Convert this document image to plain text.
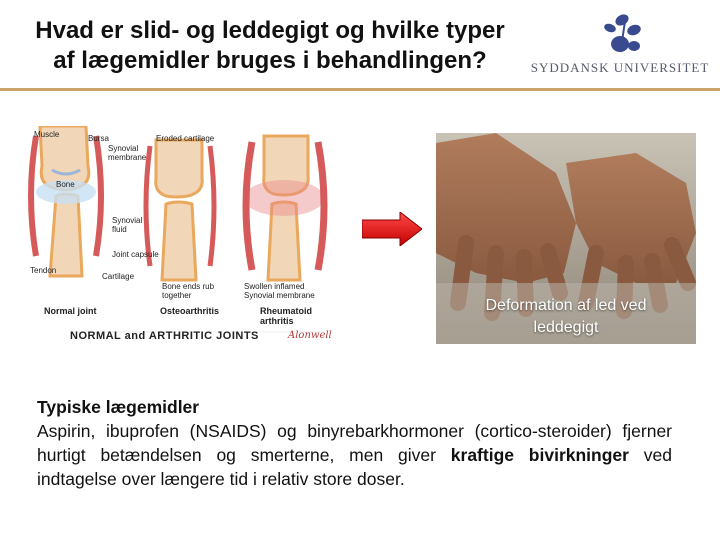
Hvad er slid- og leddegigt og hvilke typer
af lægemidler bruges i behandlingen?	SYDDANSK UNIVERSITET
Muscle	Bursa
Synovial membrane
Bone
Synovial fluid
Joint capsule
Tendon
Cartilage
Eroded cartilage
Bone ends rub together
Swollen inflamed Synovial membrane
Normal joint	Osteoarthritis	Rheumatoid arthritis
NORMAL and ARTHRITIC JOINTS	Alonwell
Deformation af led ved
leddegigt
Typiske lægemidler
Aspirin, ibuprofen (NSAIDS) og binyrebarkhormoner (cortico-steroider) fjerner hurtigt betændelsen og smerterne, men giver kraftige bivirkninger ved indtagelse over længere tid i relativ store doser.
